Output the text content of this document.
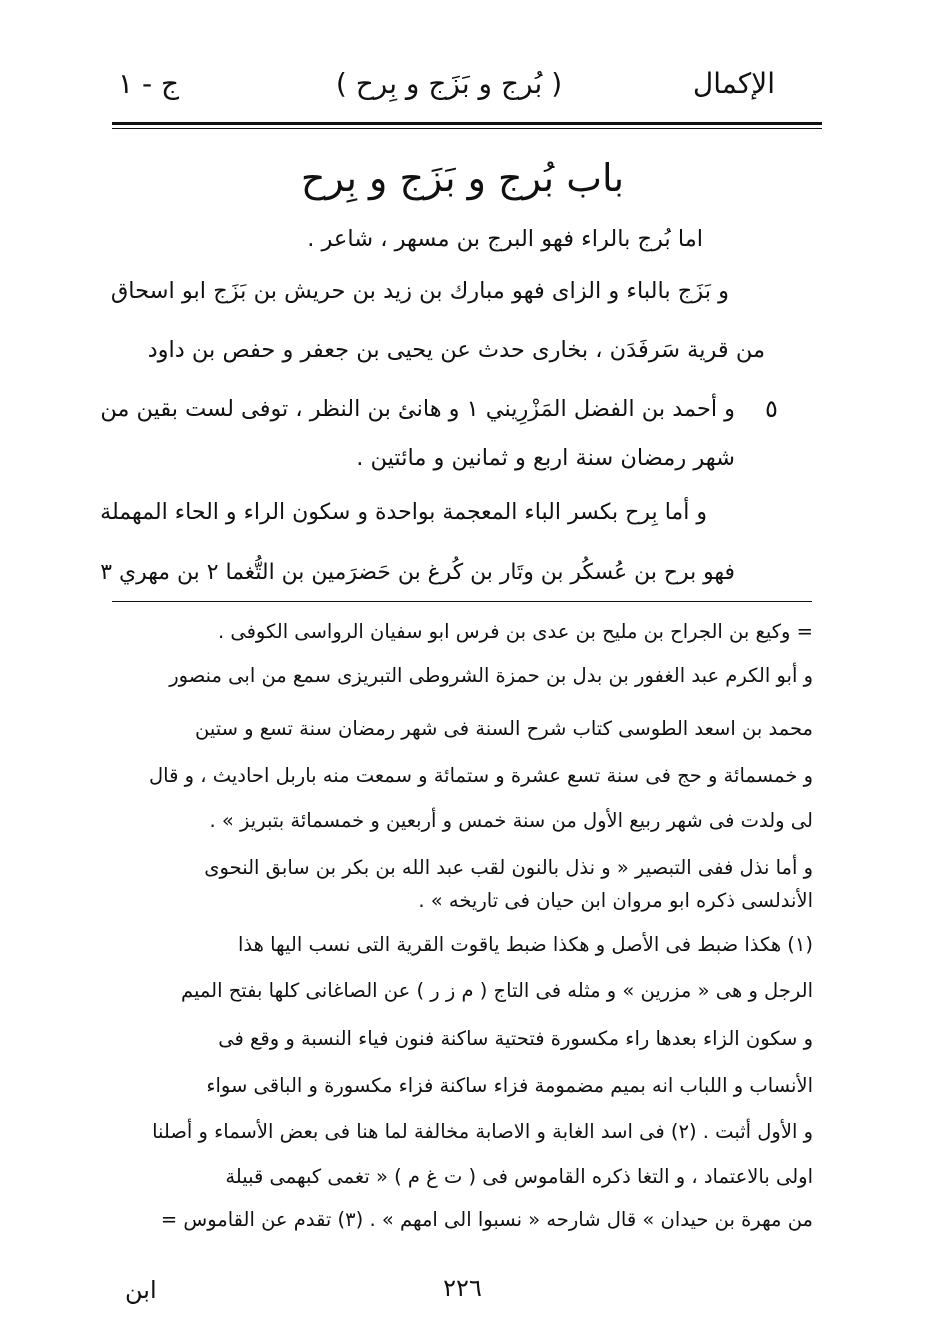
الإكمال
( بُرج و بَزَج و بِرح )
ج - ١
باب بُرج و بَزَج و بِرح
اما بُرج بالراء فهو البرج بن مسهر ، شاعر .
و بَزَج بالباء و الزاى فهو مبارك بن زيد بن حريش بن بَزَج ابو اسحاق
من قرية سَرفَدَن ، بخارى حدث عن يحيى بن جعفر و حفص بن داود
٥
و أحمد بن الفضل المَزْرِيني ١ و هانئ بن النظر ، توفى لست بقين من
شهر رمضان سنة اربع و ثمانين و مائتين .
و أما بِرح بكسر الباء المعجمة بواحدة و سكون الراء و الحاء المهملة
فهو برح بن عُسكُر بن وتَار بن كُرغ بن حَضرَمين بن التُّغما ٢ بن مهري ٣
= وكيع بن الجراح بن مليح بن عدى بن فرس ابو سفيان الرواسى الكوفى .
و أبو الكرم عبد الغفور بن بدل بن حمزة الشروطى التبريزى سمع من ابى منصور
محمد بن اسعد الطوسى كتاب شرح السنة فى شهر رمضان سنة تسع و ستين
و خمسمائة و حج فى سنة تسع عشرة و ستمائة و سمعت منه باربل احاديث ، و قال
لى ولدت فى شهر ربيع الأول من سنة خمس و أربعين و خمسمائة بتبريز » .
و أما نذل ففى التبصير « و نذل بالنون لقب عبد الله بن بكر بن سابق النحوى
الأندلسى ذكره ابو مروان ابن حيان فى تاريخه » .
(١) هكذا ضبط فى الأصل و هكذا ضبط ياقوت القرية التى نسب اليها هذا
الرجل و هى « مزرين » و مثله فى التاج ( م ز ر ) عن الصاغانى كلها بفتح الميم
و سكون الزاء بعدها راء مكسورة فتحتية ساكنة فنون فياء النسبة و وقع فى
الأنساب و اللباب انه بميم مضمومة فزاء ساكنة فزاء مكسورة و الباقى سواء
و الأول أثبت . (٢) فى اسد الغابة و الاصابة مخالفة لما هنا فى بعض الأسماء و أصلنا
اولى بالاعتماد ، و التغا ذكره القاموس فى ( ت غ م ) « تغمى كبهمى قبيلة
من مهرة بن حيدان » قال شارحه « نسبوا الى امهم » . (٣) تقدم عن القاموس =
٢٢٦
ابن
